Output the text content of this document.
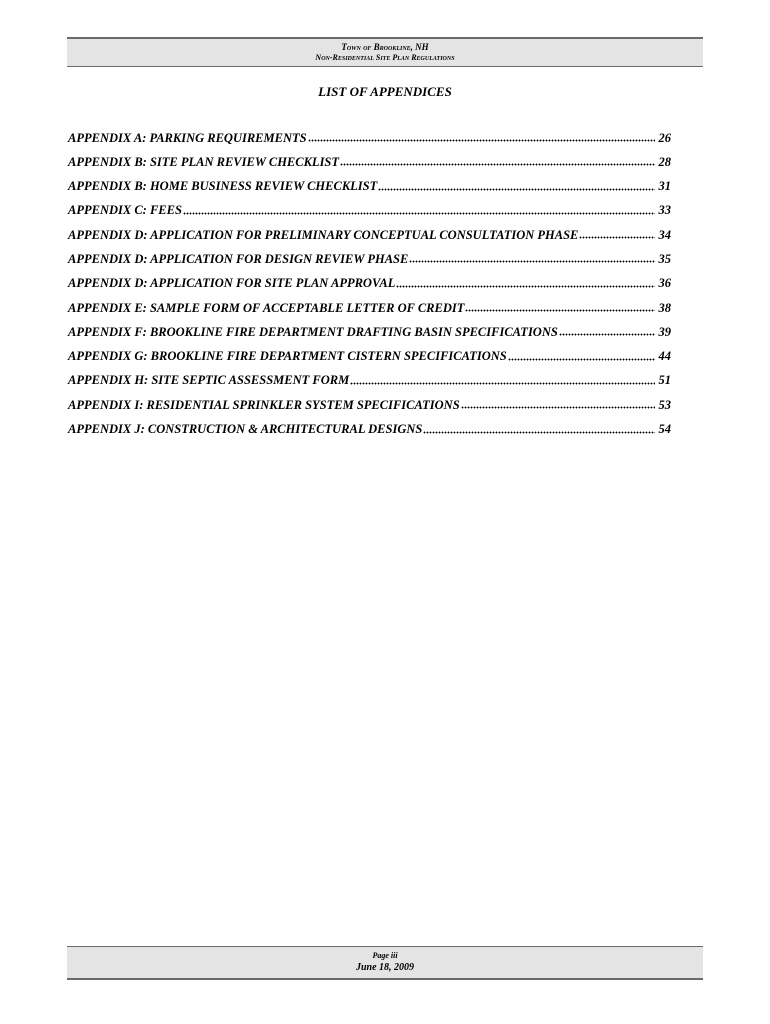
Town of Brookline, NH
Non-Residential Site Plan Regulations
LIST OF APPENDICES
APPENDIX A: PARKING REQUIREMENTS	26
APPENDIX B: SITE PLAN REVIEW CHECKLIST	28
APPENDIX B: HOME BUSINESS REVIEW CHECKLIST	31
APPENDIX C: FEES	33
APPENDIX D: APPLICATION FOR PRELIMINARY CONCEPTUAL CONSULTATION PHASE	34
APPENDIX D: APPLICATION FOR DESIGN REVIEW PHASE	35
APPENDIX D: APPLICATION FOR SITE PLAN APPROVAL	36
APPENDIX E: SAMPLE FORM OF ACCEPTABLE LETTER OF CREDIT	38
APPENDIX F: BROOKLINE FIRE DEPARTMENT DRAFTING BASIN SPECIFICATIONS	39
APPENDIX G: BROOKLINE FIRE DEPARTMENT CISTERN SPECIFICATIONS	44
APPENDIX H: SITE SEPTIC ASSESSMENT FORM	51
APPENDIX I: RESIDENTIAL SPRINKLER SYSTEM SPECIFICATIONS	53
APPENDIX J: CONSTRUCTION & ARCHITECTURAL DESIGNS	54
Page iii
June 18, 2009
